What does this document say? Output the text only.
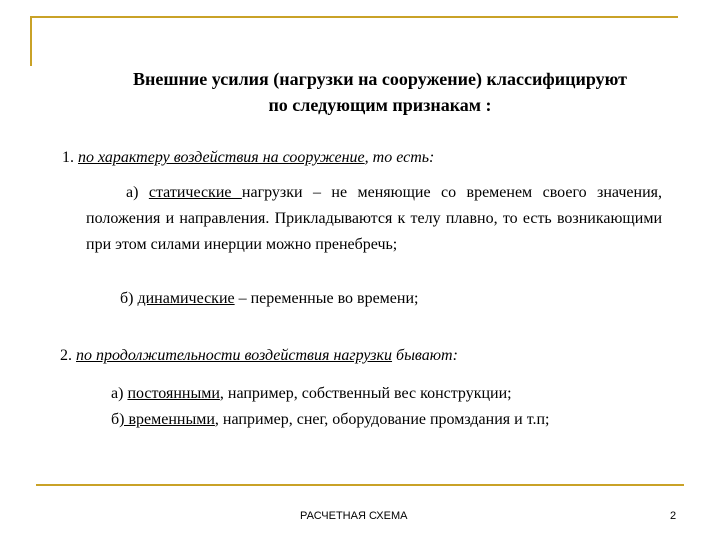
Внешние усилия (нагрузки на сооружение) классифицируют
по следующим признакам :
1. по характеру воздействия на сооружение, то есть:
а) статические нагрузки – не меняющие со временем своего значения, положения и направления. Прикладываются к телу плавно, то есть возникающими при этом силами инерции можно пренебречь;
б) динамические – переменные во времени;
2. по продолжительности воздействия нагрузки бывают:
а) постоянными, например, собственный вес конструкции;
б) временными, например, снег, оборудование промздания и т.п;
РАСЧЕТНАЯ СХЕМА	2
